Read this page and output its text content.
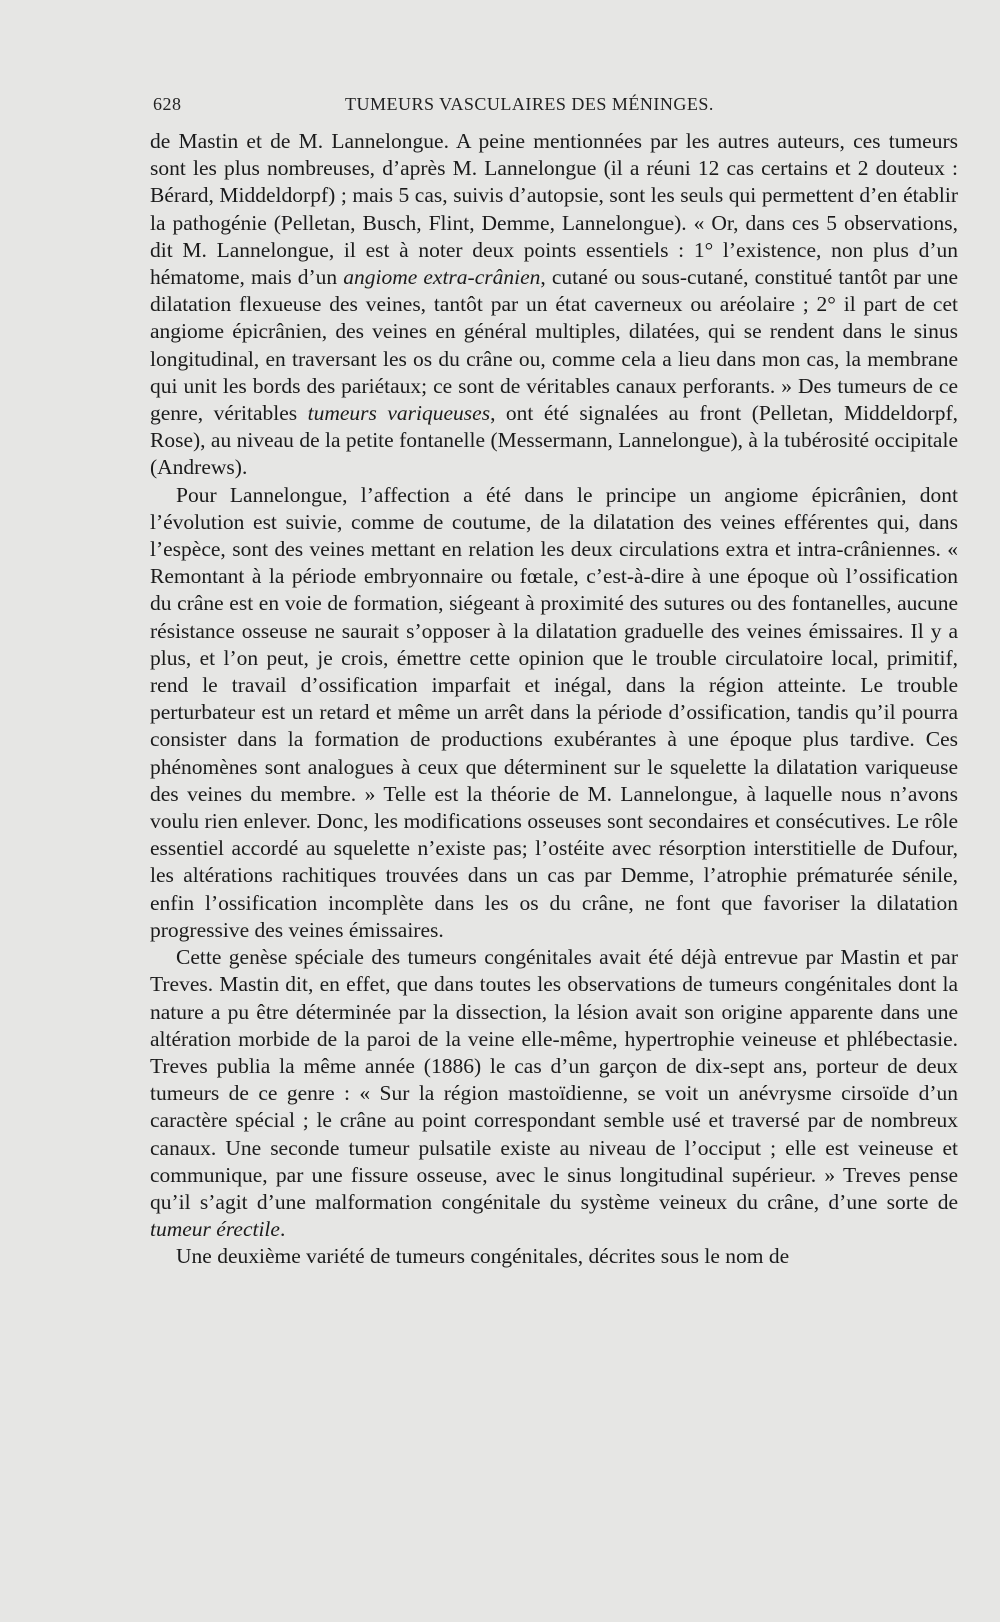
628	TUMEURS VASCULAIRES DES MÉNINGES.

de Mastin et de M. Lannelongue. A peine mentionnées par les autres auteurs, ces tumeurs sont les plus nombreuses, d’après M. Lannelongue (il a réuni 12 cas certains et 2 douteux : Bérard, Middeldorpf) ; mais 5 cas, suivis d’autopsie, sont les seuls qui permettent d’en établir la pathogénie (Pelletan, Busch, Flint, Demme, Lannelongue). « Or, dans ces 5 observations, dit M. Lannelongue, il est à noter deux points essentiels : 1° l’existence, non plus d’un hématome, mais d’un angiome extra-crânien, cutané ou sous-cutané, constitué tantôt par une dilatation flexueuse des veines, tantôt par un état caverneux ou aréolaire ; 2° il part de cet angiome épicrânien, des veines en général multiples, dilatées, qui se rendent dans le sinus longitudinal, en traversant les os du crâne ou, comme cela a lieu dans mon cas, la membrane qui unit les bords des pariétaux; ce sont de véritables canaux perforants. » Des tumeurs de ce genre, véritables tumeurs variqueuses, ont été signalées au front (Pelletan, Middeldorpf, Rose), au niveau de la petite fontanelle (Messermann, Lannelongue), à la tubérosité occipitale (Andrews).

Pour Lannelongue, l’affection a été dans le principe un angiome épicrânien, dont l’évolution est suivie, comme de coutume, de la dilatation des veines efférentes qui, dans l’espèce, sont des veines mettant en relation les deux circulations extra et intra-crâniennes. « Remontant à la période embryonnaire ou fœtale, c’est-à-dire à une époque où l’ossification du crâne est en voie de formation, siégeant à proximité des sutures ou des fontanelles, aucune résistance osseuse ne saurait s’opposer à la dilatation graduelle des veines émissaires. Il y a plus, et l’on peut, je crois, émettre cette opinion que le trouble circulatoire local, primitif, rend le travail d’ossification imparfait et inégal, dans la région atteinte. Le trouble perturbateur est un retard et même un arrêt dans la période d’ossification, tandis qu’il pourra consister dans la formation de productions exubérantes à une époque plus tardive. Ces phénomènes sont analogues à ceux que déterminent sur le squelette la dilatation variqueuse des veines du membre. » Telle est la théorie de M. Lannelongue, à laquelle nous n’avons voulu rien enlever. Donc, les modifications osseuses sont secondaires et consécutives. Le rôle essentiel accordé au squelette n’existe pas; l’ostéite avec résorption interstitielle de Dufour, les altérations rachitiques trouvées dans un cas par Demme, l’atrophie prématurée sénile, enfin l’ossification incomplète dans les os du crâne, ne font que favoriser la dilatation progressive des veines émissaires.

Cette genèse spéciale des tumeurs congénitales avait été déjà entrevue par Mastin et par Treves. Mastin dit, en effet, que dans toutes les observations de tumeurs congénitales dont la nature a pu être déterminée par la dissection, la lésion avait son origine apparente dans une altération morbide de la paroi de la veine elle-même, hypertrophie veineuse et phlébectasie. Treves publia la même année (1886) le cas d’un garçon de dix-sept ans, porteur de deux tumeurs de ce genre : « Sur la région mastoïdienne, se voit un anévrysme cirsoïde d’un caractère spécial ; le crâne au point correspondant semble usé et traversé par de nombreux canaux. Une seconde tumeur pulsatile existe au niveau de l’occiput ; elle est veineuse et communique, par une fissure osseuse, avec le sinus longitudinal supérieur. » Treves pense qu’il s’agit d’une malformation congénitale du système veineux du crâne, d’une sorte de tumeur érectile.

Une deuxième variété de tumeurs congénitales, décrites sous le nom de
